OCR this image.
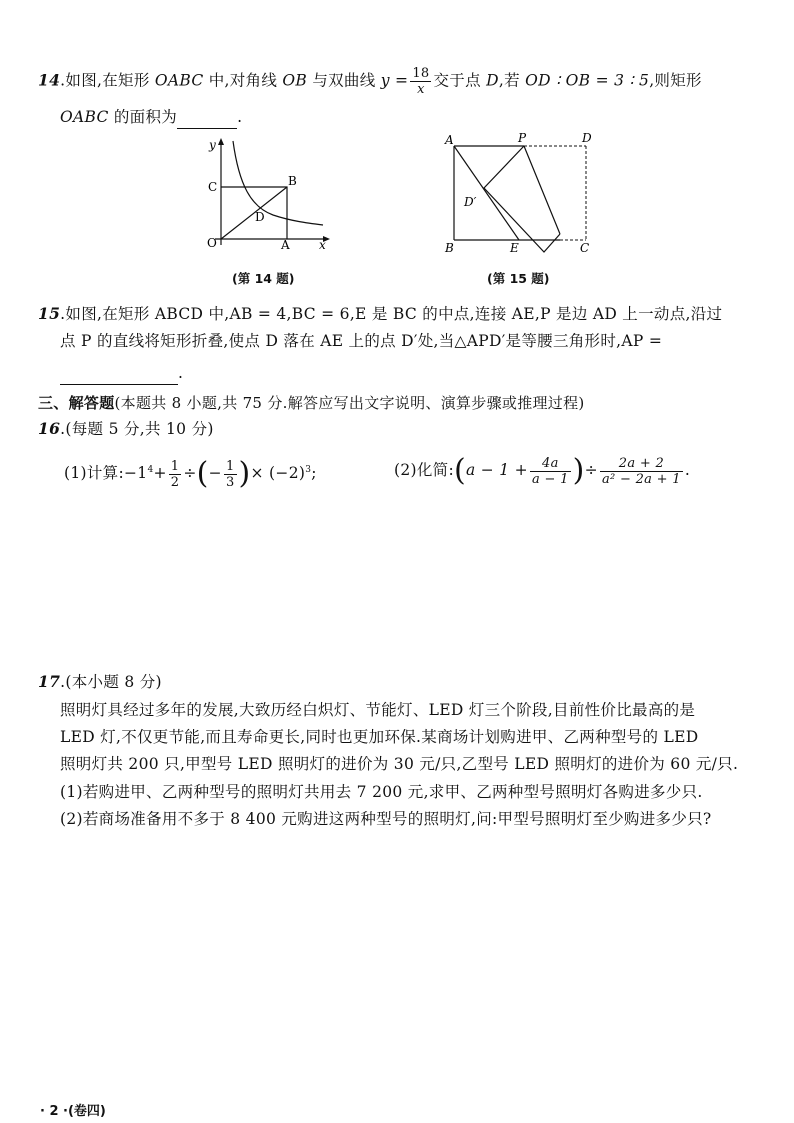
14.如图,在矩形 OABC 中,对角线 OB 与双曲线 $y = \frac{18}{x}$ 交于点 D,若 OD ∶ OB = 3 ∶ 5,则矩形
OABC 的面积为	.
y
C	B
D
O	A x
(第 14 题)
A	P	D
D′
B	E	C
(第 15 题)
15.如图,在矩形 ABCD 中,AB = 4,BC = 6,E 是 BC 的中点,连接 AE,P 是边 AD 上一动点,沿过
点 P 的直线将矩形折叠,使点 D 落在 AE 上的点 D′处,当△APD′是等腰三角形时,AP =
.
三、解答题(本题共 8 小题,共 75 分.解答应写出文字说明、演算步骤或推理过程)
16.(每题 5 分,共 10 分)
(1)计算$:-1^4+ \frac{1}{2}$ ÷(− $\frac{1}{3}$ )× $(-2)^3$;	(2)化简:(a − $1 + \frac{4a}{a - 1}$ )÷ $\frac{2a + 2}{\text{a² − 2a + 1}}$ .
17.(本小题 8 分)
照明灯具经过多年的发展,大致历经白炽灯、节能灯、LED 灯三个阶段,目前性价比最高的是
LED 灯,不仅更节能,而且寿命更长,同时也更加环保.某商场计划购进甲、乙两种型号的 LED
照明灯共 200 只,甲型号 LED 照明灯的进价为 30 元/只,乙型号 LED 照明灯的进价为 60 元/只.
(1)若购进甲、乙两种型号的照明灯共用去 7 200 元,求甲、乙两种型号照明灯各购进多少只.
(2)若商场准备用不多于 8 400 元购进这两种型号的照明灯,问:甲型号照明灯至少购进多少只?
· 2 ·(卷四)
